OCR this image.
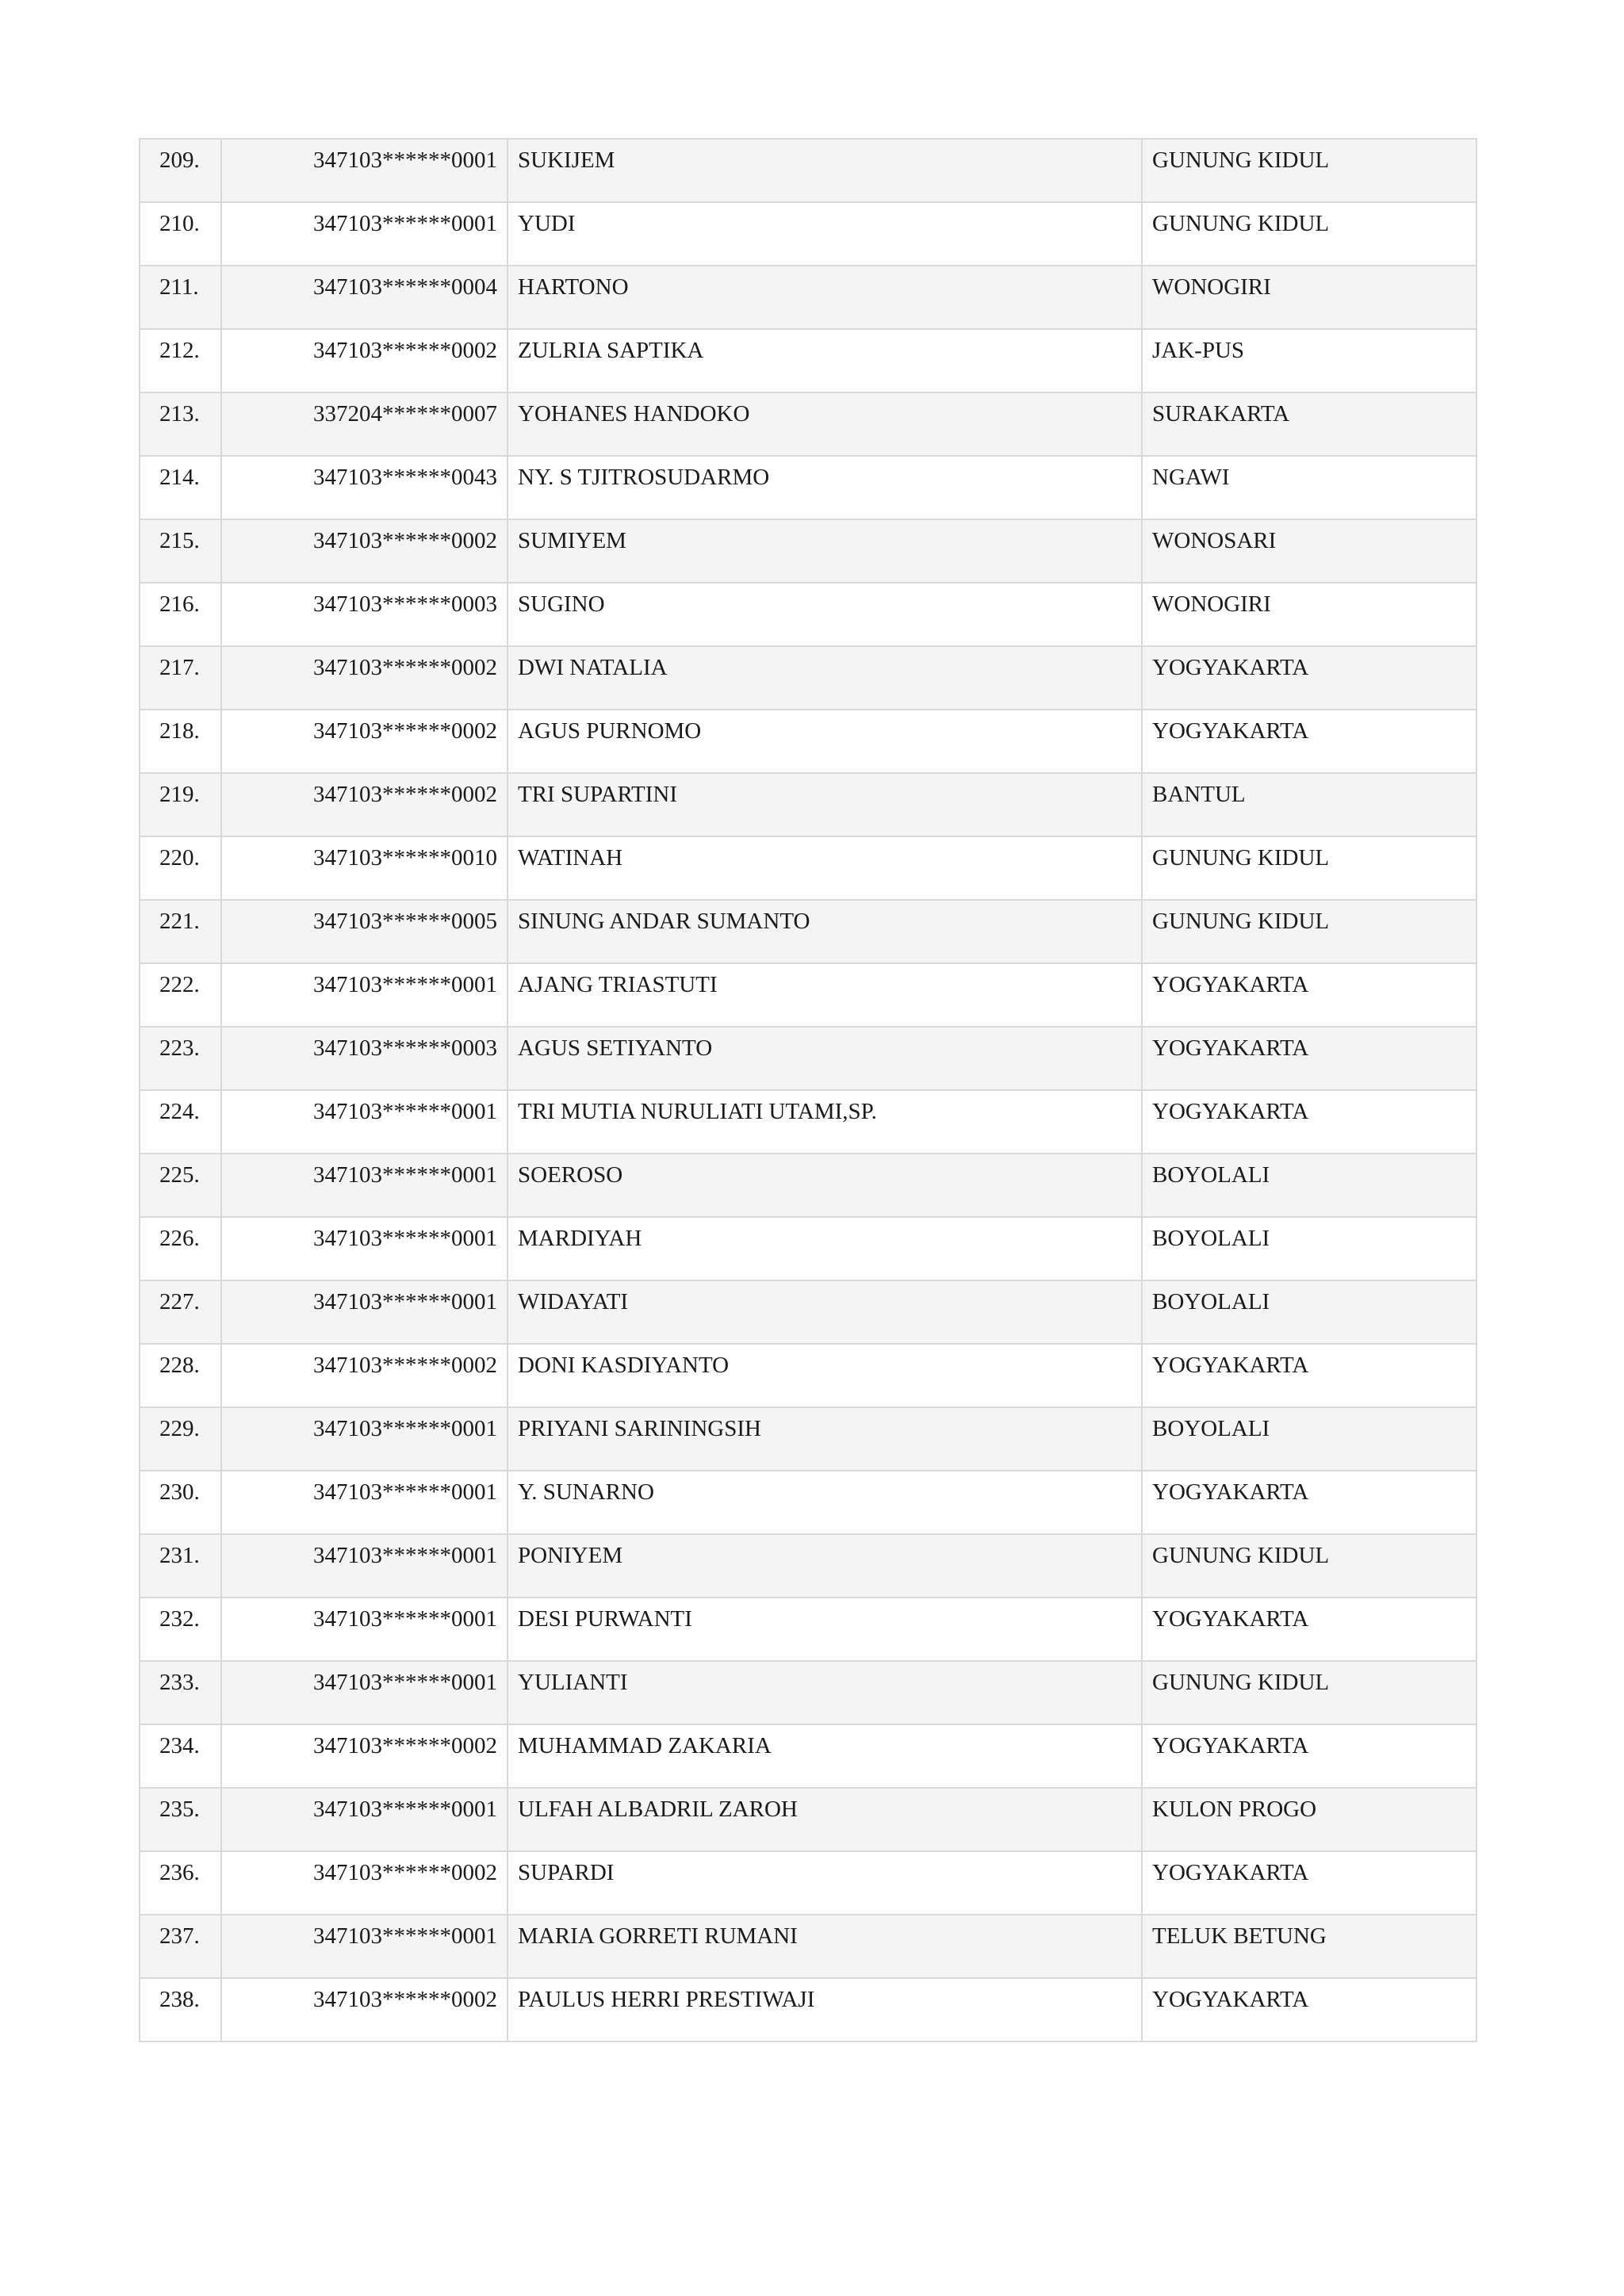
209.	347103******0001	SUKIJEM	GUNUNG KIDUL
210.	347103******0001	YUDI	GUNUNG KIDUL
211.	347103******0004	HARTONO	WONOGIRI
212.	347103******0002	ZULRIA SAPTIKA	JAK-PUS
213.	337204******0007	YOHANES HANDOKO	SURAKARTA
214.	347103******0043	NY. S TJITROSUDARMO	NGAWI
215.	347103******0002	SUMIYEM	WONOSARI
216.	347103******0003	SUGINO	WONOGIRI
217.	347103******0002	DWI NATALIA	YOGYAKARTA
218.	347103******0002	AGUS PURNOMO	YOGYAKARTA
219.	347103******0002	TRI SUPARTINI	BANTUL
220.	347103******0010	WATINAH	GUNUNG KIDUL
221.	347103******0005	SINUNG ANDAR SUMANTO	GUNUNG KIDUL
222.	347103******0001	AJANG TRIASTUTI	YOGYAKARTA
223.	347103******0003	AGUS SETIYANTO	YOGYAKARTA
224.	347103******0001	TRI MUTIA NURULIATI UTAMI,SP.	YOGYAKARTA
225.	347103******0001	SOEROSO	BOYOLALI
226.	347103******0001	MARDIYAH	BOYOLALI
227.	347103******0001	WIDAYATI	BOYOLALI
228.	347103******0002	DONI KASDIYANTO	YOGYAKARTA
229.	347103******0001	PRIYANI SARININGSIH	BOYOLALI
230.	347103******0001	Y. SUNARNO	YOGYAKARTA
231.	347103******0001	PONIYEM	GUNUNG KIDUL
232.	347103******0001	DESI PURWANTI	YOGYAKARTA
233.	347103******0001	YULIANTI	GUNUNG KIDUL
234.	347103******0002	MUHAMMAD ZAKARIA	YOGYAKARTA
235.	347103******0001	ULFAH ALBADRIL ZAROH	KULON PROGO
236.	347103******0002	SUPARDI	YOGYAKARTA
237.	347103******0001	MARIA GORRETI RUMANI	TELUK BETUNG
238.	347103******0002	PAULUS HERRI PRESTIWAJI	YOGYAKARTA
